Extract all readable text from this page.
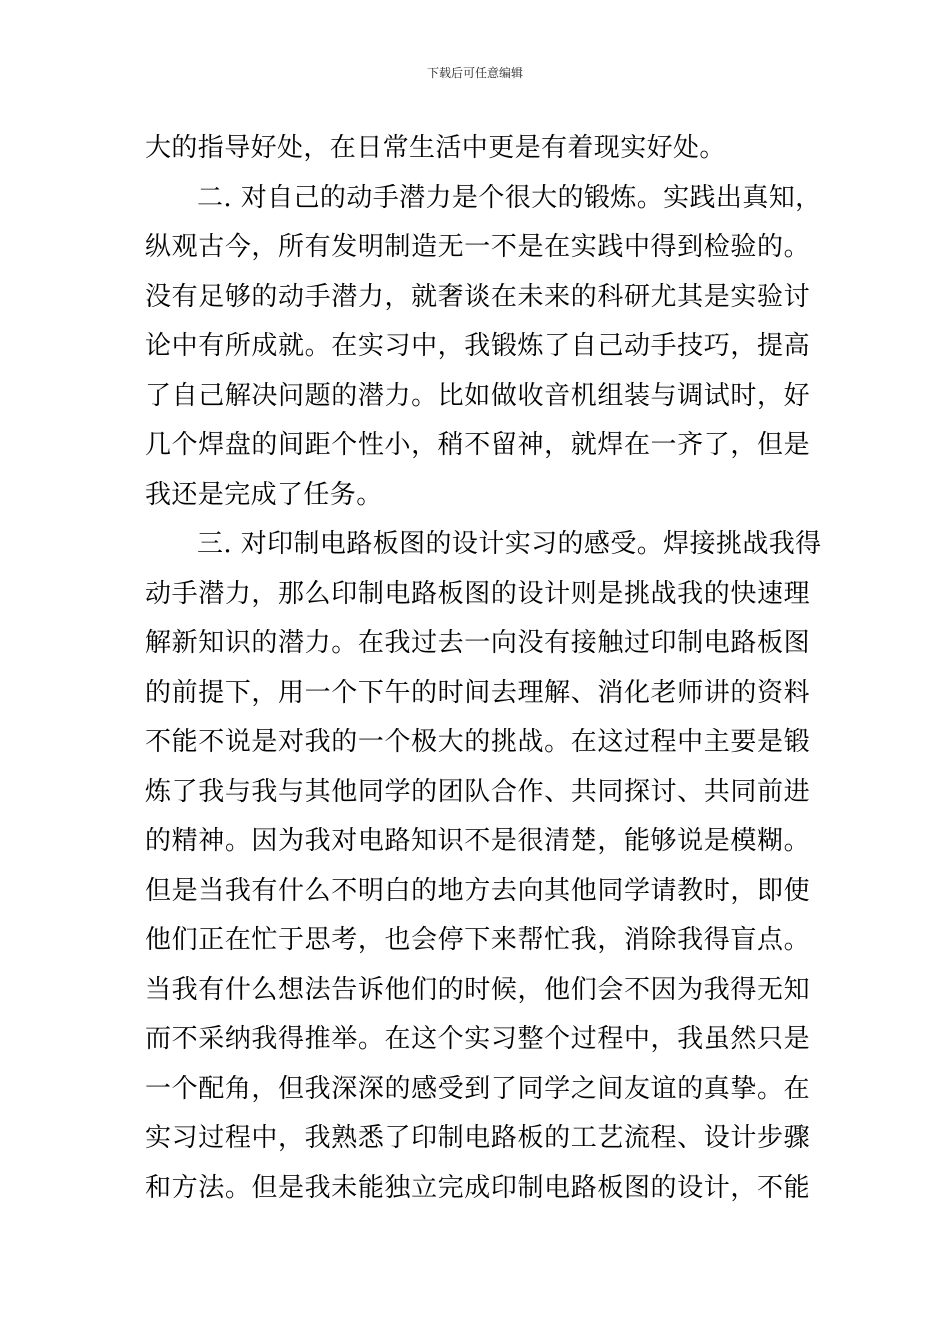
下载后可任意编辑
大的指导好处，在日常生活中更是有着现实好处。
二. 对自己的动手潜力是个很大的锻炼。实践出真知，
纵观古今，所有发明制造无一不是在实践中得到检验的。
没有足够的动手潜力，就奢谈在未来的科研尤其是实验讨
论中有所成就。在实习中，我锻炼了自己动手技巧，提高
了自己解决问题的潜力。比如做收音机组装与调试时，好
几个焊盘的间距个性小，稍不留神，就焊在一齐了，但是
我还是完成了任务。
三. 对印制电路板图的设计实习的感受。焊接挑战我得
动手潜力，那么印制电路板图的设计则是挑战我的快速理
解新知识的潜力。在我过去一向没有接触过印制电路板图
的前提下，用一个下午的时间去理解、消化老师讲的资料
不能不说是对我的一个极大的挑战。在这过程中主要是锻
炼了我与我与其他同学的团队合作、共同探讨、共同前进
的精神。因为我对电路知识不是很清楚，能够说是模糊。
但是当我有什么不明白的地方去向其他同学请教时，即使
他们正在忙于思考，也会停下来帮忙我，消除我得盲点。
当我有什么想法告诉他们的时候，他们会不因为我得无知
而不采纳我得推举。在这个实习整个过程中，我虽然只是
一个配角，但我深深的感受到了同学之间友谊的真挚。在
实习过程中，我熟悉了印制电路板的工艺流程、设计步骤
和方法。但是我未能独立完成印制电路板图的设计，不能
